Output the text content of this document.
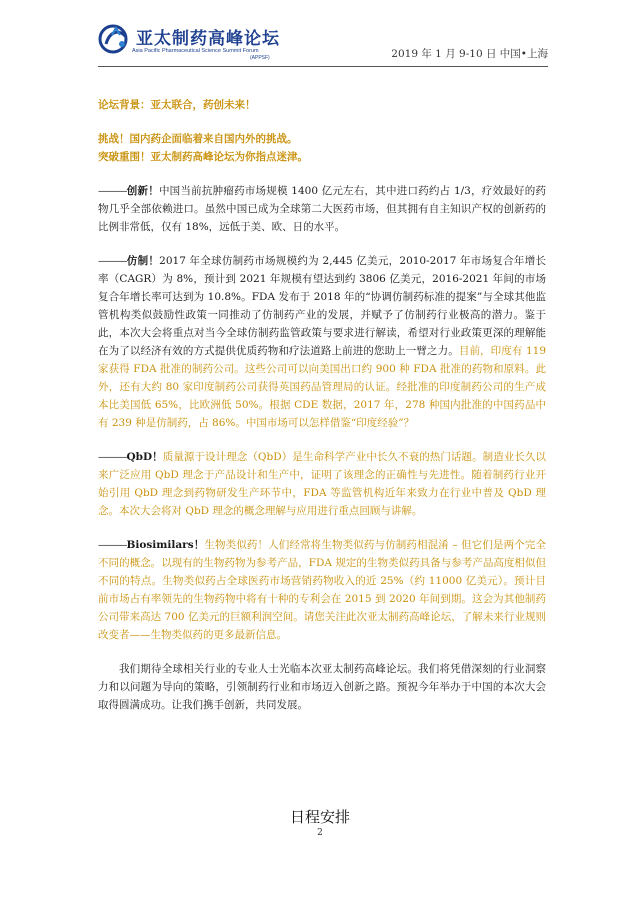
亚太制药高峰论坛
Asia Pacific Pharmaceutical Science Summit Forum
(APPSF)	2019 年 1 月 9-10 日 中国•上海

论坛背景：亚太联合，药创未来！

挑战！国内药企面临着来自国内外的挑战。

突破重围！亚太制药高峰论坛为你指点迷津。

———创新！中国当前抗肿瘤药市场规模 1400 亿元左右，其中进口药约占 1/3，疗效最好的药物几乎全部依赖进口。虽然中国已成为全球第二大医药市场，但其拥有自主知识产权的创新药的比例非常低，仅有 18%，远低于美、欧、日的水平。

———仿制！2017 年全球仿制药市场规模约为 2,445 亿美元，2010-2017 年市场复合年增长率（CAGR）为 8%，预计到 2021 年规模有望达到约 3806 亿美元，2016-2021 年间的市场复合年增长率可达到为 10.8%。FDA 发布于 2018 年的“协调仿制药标准的提案”与全球其他监管机构类似鼓励性政策一同推动了仿制药产业的发展，并赋予了仿制药行业极高的潜力。鉴于此，本次大会将重点对当今全球仿制药监管政策与要求进行解读，希望对行业政策更深的理解能在为了以经济有效的方式提供优质药物和疗法道路上前进的您助上一臂之力。目前，印度有 119 家获得 FDA 批准的制药公司。这些公司可以向美国出口约 900 种 FDA 批准的药物和原料。此外，还有大约 80 家印度制药公司获得英国药品管理局的认证。经批准的印度制药公司的生产成本比美国低 65%，比欧洲低 50%。根据 CDE 数据，2017 年，278 种国内批准的中国药品中有 239 种是仿制药，占 86%。中国市场可以怎样借鉴“印度经验”？

———QbD！质量源于设计理念（QbD）是生命科学产业中长久不衰的热门话题。制造业长久以来广泛应用 QbD 理念于产品设计和生产中，证明了该理念的正确性与先进性。随着制药行业开始引用 QbD 理念到药物研发生产环节中，FDA 等监管机构近年来致力在行业中普及 QbD 理念。本次大会将对 QbD 理念的概念理解与应用进行重点回顾与讲解。

———Biosimilars！生物类似药！人们经常将生物类似药与仿制药相混淆 – 但它们是两个完全不同的概念。以现有的生物药物为参考产品，FDA 规定的生物类似药具备与参考产品高度相似但不同的特点。生物类似药占全球医药市场营销药物收入的近 25%（约 11000 亿美元）。预计目前市场占有率领先的生物药物中将有十种的专利会在 2015 到 2020 年间到期。这会为其他制药公司带来高达 700 亿美元的巨额利润空间。请您关注此次亚太制药高峰论坛，了解未来行业规则改变者——生物类似药的更多最新信息。

我们期待全球相关行业的专业人士光临本次亚太制药高峰论坛。我们将凭借深刻的行业洞察力和以问题为导向的策略，引领制药行业和市场迈入创新之路。预祝今年举办于中国的本次大会取得圆满成功。让我们携手创新，共同发展。

日程安排
2
